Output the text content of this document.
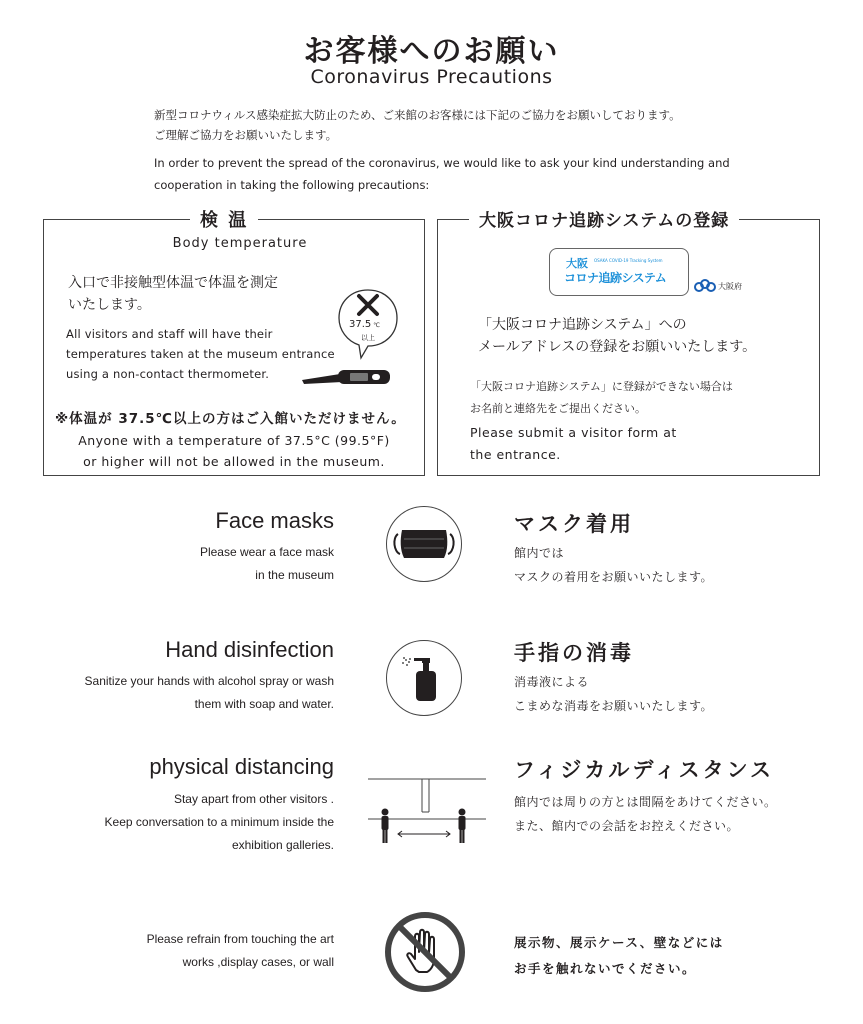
お客様へのお願い
Coronavirus Precautions
新型コロナウィルス感染症拡大防止のため、ご来館のお客様には下記のご協力をお願いしております。
ご理解ご協力をお願いいたします。
In order to prevent the spread of the coronavirus, we would like to ask your kind understanding and
cooperation in taking the following precautions:
検 温
Body temperature
入口で非接触型体温で体温を測定
いたします。
All visitors and staff will have their
temperatures taken at the museum entrance
using a non-contact thermometer.
37.5 ℃
以上
※体温が 37.5℃以上の方はご入館いただけません。
Anyone with a temperature of 37.5°C (99.5°F)
or higher will not be allowed in the museum.
大阪コロナ追跡システムの登録
大阪 OSAKA COVID-19 Tracking System
コロナ追跡システム
大阪府
「大阪コロナ追跡システム」への
メールアドレスの登録をお願いいたします。
「大阪コロナ追跡システム」に登録ができない場合は
お名前と連絡先をご提出ください。
Please submit a visitor form at
the entrance.
Face masks
Please wear a face mask
in the museum
マスク着用
館内では
マスクの着用をお願いいたします。
Hand disinfection
Sanitize your hands with alcohol spray or wash
them with soap and water.
手指の消毒
消毒液による
こまめな消毒をお願いいたします。
physical distancing
Stay apart from other visitors .
Keep conversation to a minimum inside the
exhibition galleries.
フィジカルディスタンス
館内では周りの方とは間隔をあけてください。
また、館内での会話をお控えください。
Please refrain from touching the art
works ,display cases, or wall
展示物、展示ケース、壁などには
お手を触れないでください。
